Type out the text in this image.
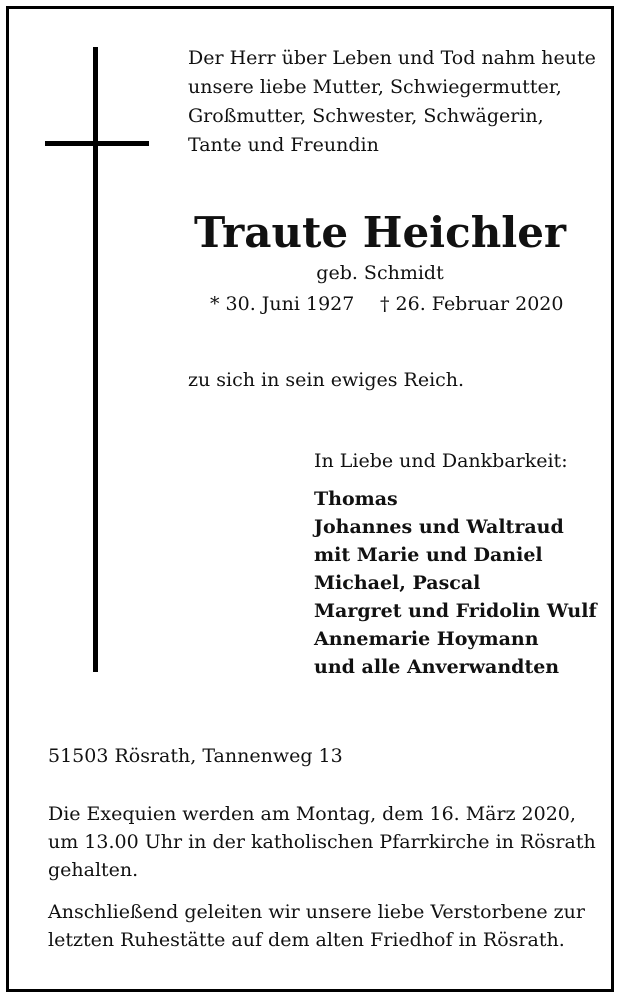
Der Herr über Leben und Tod nahm heute
unsere liebe Mutter, Schwiegermutter,
Großmutter, Schwester, Schwägerin,
Tante und Freundin
Traute Heichler
geb. Schmidt
* 30. Juni 1927 † 26. Februar 2020
zu sich in sein ewiges Reich.
In Liebe und Dankbarkeit:
Thomas
Johannes und Waltraud
mit Marie und Daniel
Michael, Pascal
Margret und Fridolin Wulf
Annemarie Hoymann
und alle Anverwandten
51503 Rösrath, Tannenweg 13
Die Exequien werden am Montag, dem 16. März 2020,
um 13.00 Uhr in der katholischen Pfarrkirche in Rösrath
gehalten.
Anschließend geleiten wir unsere liebe Verstorbene zur
letzten Ruhestätte auf dem alten Friedhof in Rösrath.
